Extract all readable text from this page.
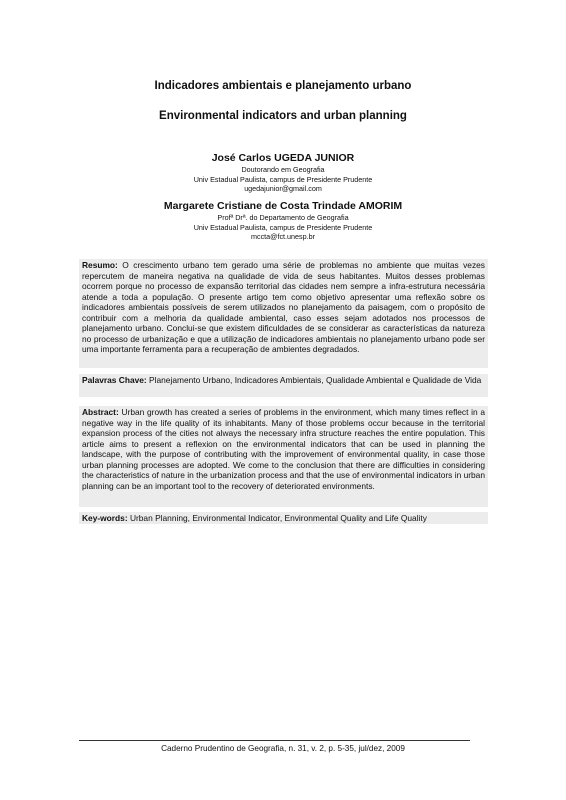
Indicadores ambientais e planejamento urbano
Environmental indicators and urban planning
José Carlos UGEDA JUNIOR
Doutorando em Geografia
Univ Estadual Paulista, campus de Presidente Prudente
ugedajunior@gmail.com
Margarete Cristiane de Costa Trindade AMORIM
Profª Drª. do Departamento de Geografia
Univ Estadual Paulista, campus de Presidente Prudente
mccta@fct.unesp.br
Resumo: O crescimento urbano tem gerado uma série de problemas no ambiente que muitas vezes repercutem de maneira negativa na qualidade de vida de seus habitantes. Muitos desses problemas ocorrem porque no processo de expansão territorial das cidades nem sempre a infra-estrutura necessária atende a toda a população. O presente artigo tem como objetivo apresentar uma reflexão sobre os indicadores ambientais possíveis de serem utilizados no planejamento da paisagem, com o propósito de contribuir com a melhoria da qualidade ambiental, caso esses sejam adotados nos processos de planejamento urbano. Conclui-se que existem dificuldades de se considerar as características da natureza no processo de urbanização e que a utilização de indicadores ambientais no planejamento urbano pode ser uma importante ferramenta para a recuperação de ambientes degradados.
Palavras Chave: Planejamento Urbano, Indicadores Ambientais, Qualidade Ambiental e Qualidade de Vida
Abstract: Urban growth has created a series of problems in the environment, which many times reflect in a negative way in the life quality of its inhabitants. Many of those problems occur because in the territorial expansion process of the cities not always the necessary infra structure reaches the entire population. This article aims to present a reflexion on the environmental indicators that can be used in planning the landscape, with the purpose of contributing with the improvement of environmental quality, in case those urban planning processes are adopted. We come to the conclusion that there are difficulties in considering the characteristics of nature in the urbanization process and that the use of environmental indicators in urban planning can be an important tool to the recovery of deteriorated environments.
Key-words: Urban Planning, Environmental Indicator, Environmental Quality and Life Quality
Caderno Prudentino de Geografia, n. 31, v. 2, p. 5-35, jul/dez, 2009
